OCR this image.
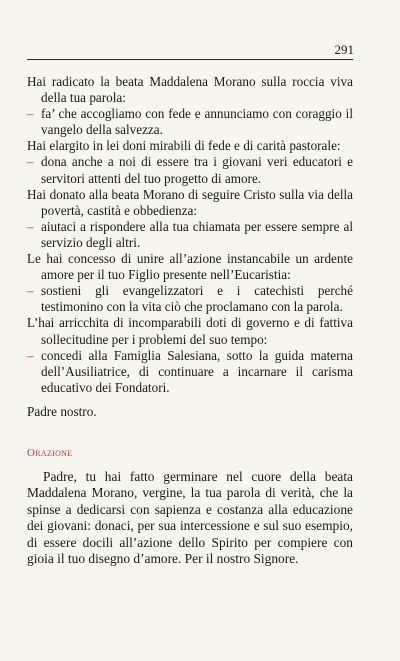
291

Hai radicato la beata Maddalena Morano sulla roccia viva della tua parola:

– fa’ che accogliamo con fede e annunciamo con coraggio il vangelo della salvezza.

Hai elargito in lei doni mirabili di fede e di carità pastorale:

– dona anche a noi di essere tra i giovani veri educatori e servitori attenti del tuo progetto di amore.

Hai donato alla beata Morano di seguire Cristo sulla via della povertà, castità e obbedienza:

– aiutaci a rispondere alla tua chiamata per essere sempre al servizio degli altri.

Le hai concesso di unire all’azione instancabile un ardente amore per il tuo Figlio presente nell’Eucaristia:

– sostieni gli evangelizzatori e i catechisti perché testimonino con la vita ciò che proclamano con la parola.

L’hai arricchita di incomparabili doti di governo e di fattiva sollecitudine per i problemi del suo tempo:

– concedi alla Famiglia Salesiana, sotto la guida materna dell’Ausiliatrice, di continuare a incarnare il carisma educativo dei Fondatori.

Padre nostro.

Orazione

Padre, tu hai fatto germinare nel cuore della beata Maddalena Morano, vergine, la tua parola di verità, che la spinse a dedicarsi con sapienza e costanza alla educazione dei giovani: donaci, per sua intercessione e sul suo esempio, di essere docili all’azione dello Spirito per compiere con gioia il tuo disegno d’amore. Per il nostro Signore.
